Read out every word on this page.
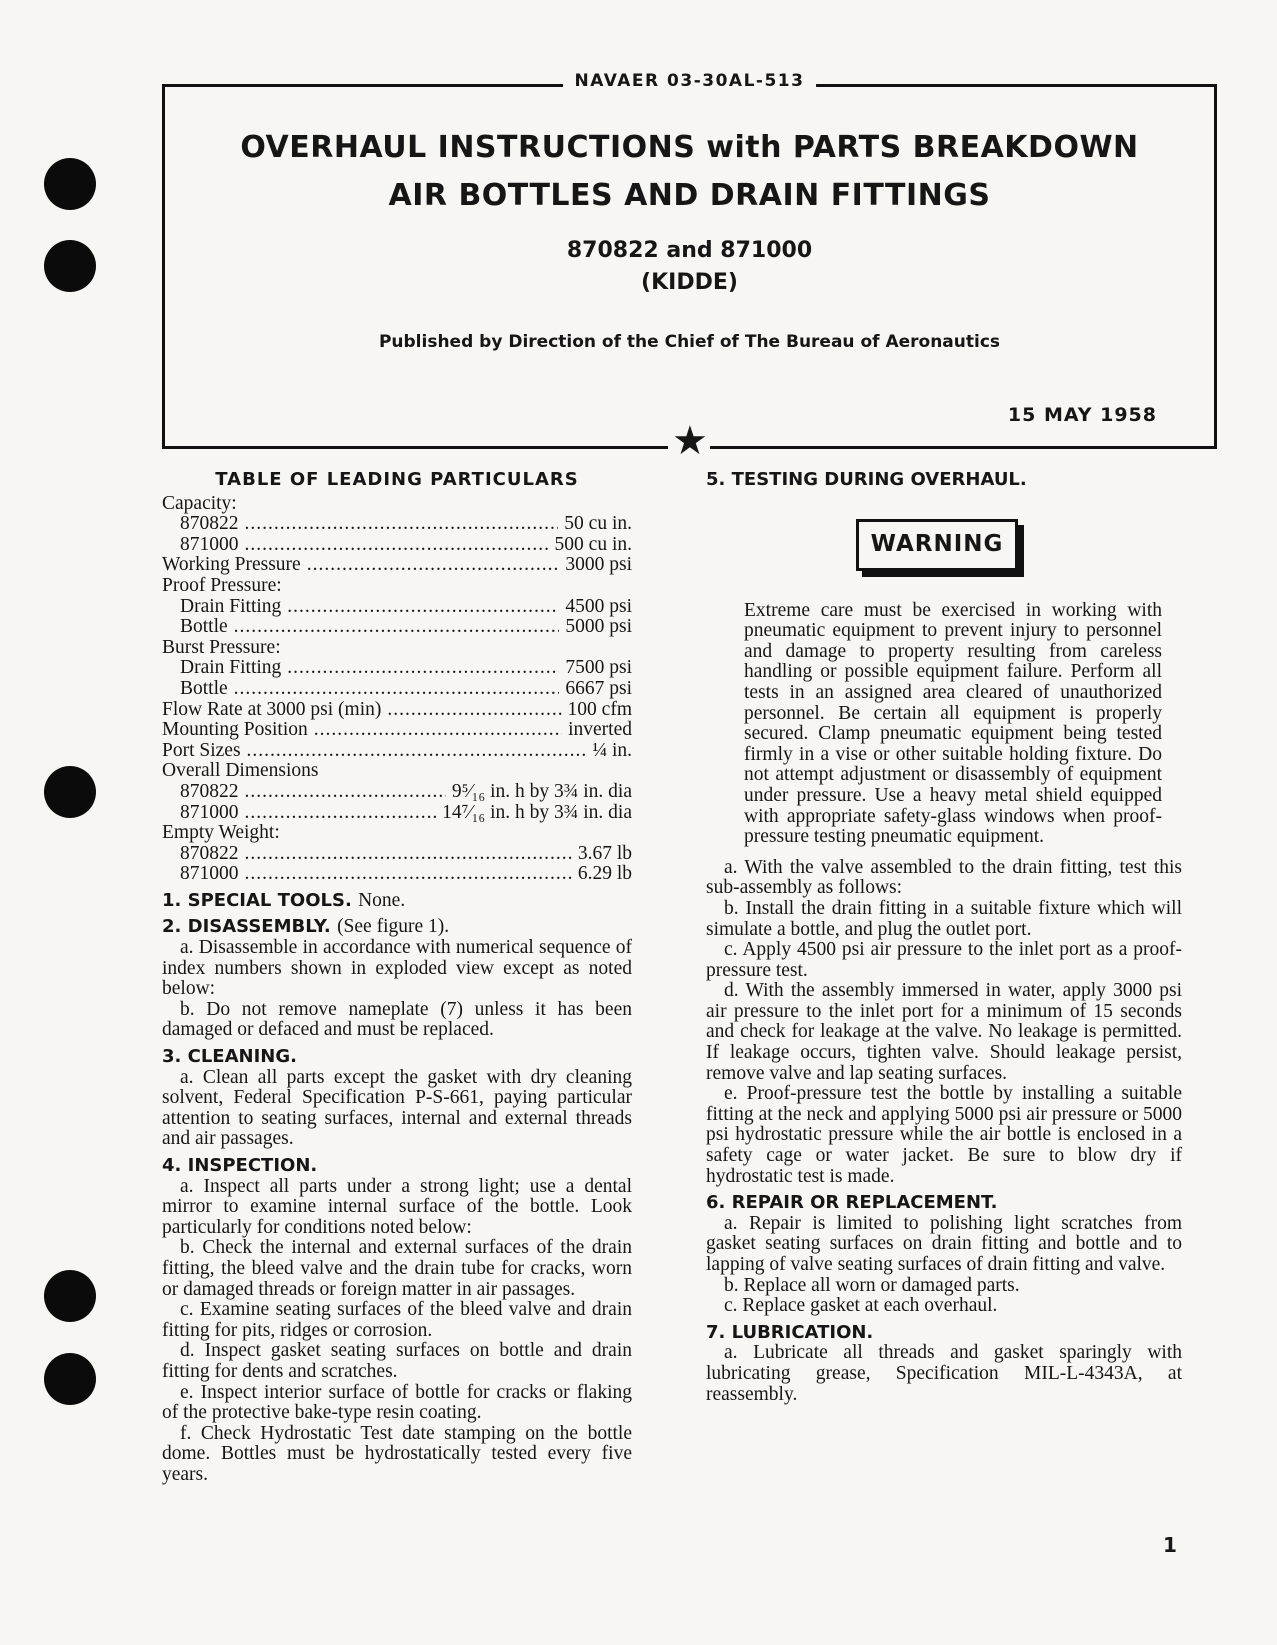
NAVAER 03-30AL-513
★
OVERHAUL INSTRUCTIONS with PARTS BREAKDOWN
AIR BOTTLES AND DRAIN FITTINGS
870822 and 871000
(KIDDE)
Published by Direction of the Chief of The Bureau of Aeronautics
15 MAY 1958
TABLE OF LEADING PARTICULARS
Capacity:
870822 .....	50 cu in.
871000 .....	500 cu in.
Working Pressure .....	3000 psi
Proof Pressure:
Drain Fitting .....	4500 psi
Bottle .....	5000 psi
Burst Pressure:
Drain Fitting .....	7500 psi
Bottle .....	6667 psi
Flow Rate at 3000 psi (min) .....	100 cfm
Mounting Position .....	inverted
Port Sizes .....	¼ in.
Overall Dimensions
870822 .....	9⁵⁄₁₆ in. h by 3¾ in. dia
871000 .....	14⁷⁄₁₆ in. h by 3¾ in. dia
Empty Weight:
870822 .....	3.67 lb
871000 .....	6.29 lb
1. SPECIAL TOOLS. None.
2. DISASSEMBLY. (See figure 1).

a. Disassemble in accordance with numerical sequence of index numbers shown in exploded view except as noted below:

b. Do not remove nameplate (7) unless it has been damaged or defaced and must be replaced.

3. CLEANING.

a. Clean all parts except the gasket with dry cleaning solvent, Federal Specification P-S-661, paying particular attention to seating surfaces, internal and external threads and air passages.

4. INSPECTION.

a. Inspect all parts under a strong light; use a dental mirror to examine internal surface of the bottle. Look particularly for conditions noted below:

b. Check the internal and external surfaces of the drain fitting, the bleed valve and the drain tube for cracks, worn or damaged threads or foreign matter in air passages.

c. Examine seating surfaces of the bleed valve and drain fitting for pits, ridges or corrosion.

d. Inspect gasket seating surfaces on bottle and drain fitting for dents and scratches.

e. Inspect interior surface of bottle for cracks or flaking of the protective bake-type resin coating.

f. Check Hydrostatic Test date stamping on the bottle dome. Bottles must be hydrostatically tested every five years.

5. TESTING DURING OVERHAUL.
WARNING

Extreme care must be exercised in working with pneumatic equipment to prevent injury to personnel and damage to property resulting from careless handling or possible equipment failure. Perform all tests in an assigned area cleared of unauthorized personnel. Be certain all equipment is properly secured. Clamp pneumatic equipment being tested firmly in a vise or other suitable holding fixture. Do not attempt adjustment or disassembly of equipment under pressure. Use a heavy metal shield equipped with appropriate safety-glass windows when proof-pressure testing pneumatic equipment.

a. With the valve assembled to the drain fitting, test this sub-assembly as follows:

b. Install the drain fitting in a suitable fixture which will simulate a bottle, and plug the outlet port.

c. Apply 4500 psi air pressure to the inlet port as a proof-pressure test.

d. With the assembly immersed in water, apply 3000 psi air pressure to the inlet port for a minimum of 15 seconds and check for leakage at the valve. No leakage is permitted. If leakage occurs, tighten valve. Should leakage persist, remove valve and lap seating surfaces.

e. Proof-pressure test the bottle by installing a suitable fitting at the neck and applying 5000 psi air pressure or 5000 psi hydrostatic pressure while the air bottle is enclosed in a safety cage or water jacket. Be sure to blow dry if hydrostatic test is made.

6. REPAIR OR REPLACEMENT.

a. Repair is limited to polishing light scratches from gasket seating surfaces on drain fitting and bottle and to lapping of valve seating surfaces of drain fitting and valve.

b. Replace all worn or damaged parts.

c. Replace gasket at each overhaul.

7. LUBRICATION.

a. Lubricate all threads and gasket sparingly with lubricating grease, Specification MIL-L-4343A, at reassembly.

1
